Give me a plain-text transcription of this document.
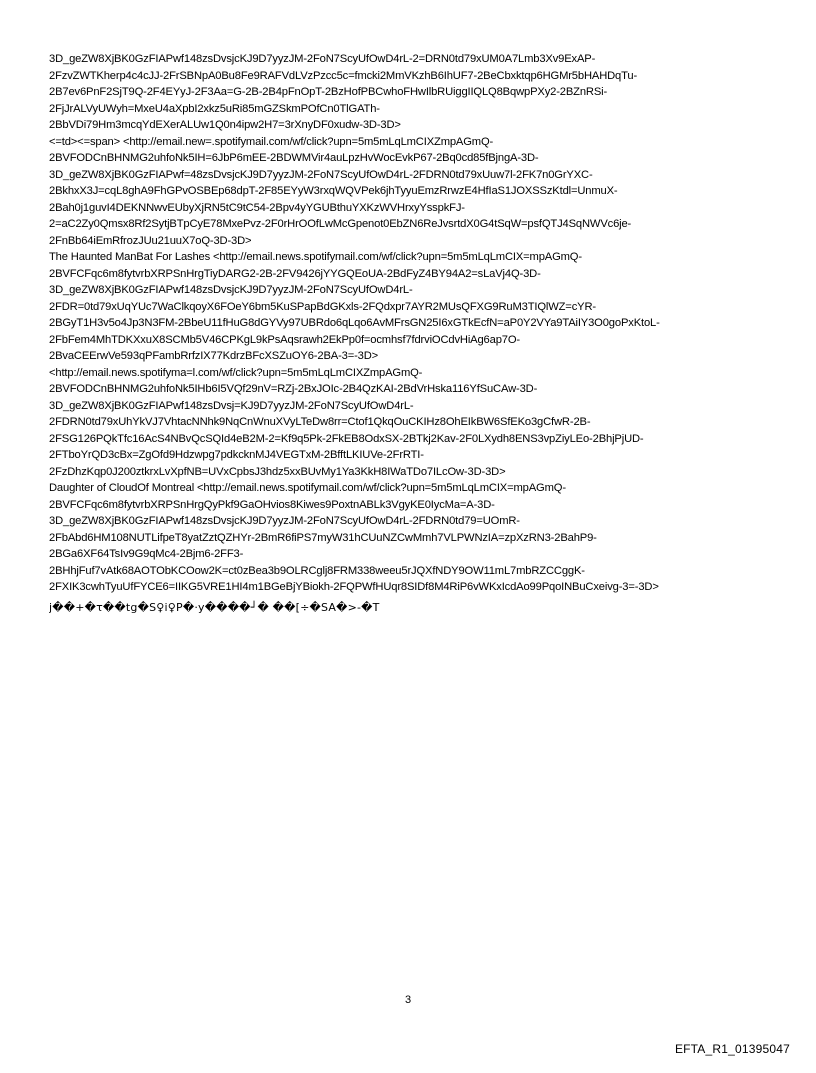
3D_geZW8XjBK0GzFIAPwf148zsDvsjcKJ9D7yyzJM-2FoN7ScyUfOwD4rL-2=DRN0td79xUM0A7Lmb3Xv9ExAP-
2FzvZWTKherp4c4cJJ-2FrSBNpA0Bu8Fe9RAFVdLVzPzcc5c=fmcki2MmVKzhB6IhUF7-2BeCbxktqp6HGMr5bHAHDqTu-
2B7ev6PnF2SjT9Q-2F4EYyJ-2F3Aa=G-2B-2B4pFnOpT-2BzHofPBCwhoFHwIlbRUiggIIQLQ8BqwpPXy2-2BZnRSi-
2FjJrALVyUWyh=MxeU4aXpbI2xkz5uRi85mGZSkmPOfCn0TlGATh-
2BbVDi79Hm3mcqYdEXerALUw1Q0n4ipw2H7=3rXnyDF0xudw-3D-3D>
<=td><=span> <http://email.new=.spotifymail.com/wf/click?upn=5m5mLqLmCIXZmpAGmQ-
2BVFODCnBHNMG2uhfoNk5IH=6JbP6mEE-2BDWMVir4auLpzHvWocEvkP67-2Bq0cd85fBjngA-3D-
3D_geZW8XjBK0GzFIAPwf=48zsDvsjcKJ9D7yyzJM-2FoN7ScyUfOwD4rL-2FDRN0td79xUuw7l-2FK7n0GrYXC-
2BkhxX3J=cqL8ghA9FhGPvOSBEp68dpT-2F85EYyW3rxqWQVPek6jhTyyuEmzRrwzE4HfIaS1JOXSSzKtdl=UnmuX-
2Bah0j1guvI4DEKNNwvEUbyXjRN5tC9tC54-2Bpv4yYGUBthuYXKzWVHrxyYsspkFJ-
2=aC2Zy0Qmsx8Rf2SytjBTpCyE78MxePvz-2F0rHrOOfLwMcGpenot0EbZN6ReJvsrtdX0G4tSqW=psfQTJ4SqNWVc6je-
2FnBb64iEmRfrozJUu21uuX7oQ-3D-3D>
The Haunted ManBat For Lashes <http://email.news.spotifymail.com/wf/click?upn=5m5mLqLmCIX=mpAGmQ-
2BVFCFqc6m8fytvrbXRPSnHrgTiyDARG2-2B-2FV9426jYYGQEoUA-2BdFyZ4BY94A2=sLaVj4Q-3D-
3D_geZW8XjBK0GzFIAPwf148zsDvsjcKJ9D7yyzJM-2FoN7ScyUfOwD4rL-
2FDR=0td79xUqYUc7WaClkqoyX6FOeY6bm5KuSPapBdGKxls-2FQdxpr7AYR2MUsQFXG9RuM3TIQlWZ=cYR-
2BGyT1H3v5o4Jp3N3FM-2BbeU11fHuG8dGYVy97UBRdo6qLqo6AvMFrsGN25I6xGTkEcfN=aP0Y2VYa9TAiIY3O0goPxKtoL-
2FbFem4MhTDKXxuX8SCMb5V46CPKgL9kPsAqsrawh2EkPp0f=ocmhsf7fdrviOCdvHiAg6ap7O-
2BvaCEErwVe593qPFambRrfzIX77KdrzBFcXSZuOY6-2BA-3=-3D>
<http://email.news.spotifyma=l.com/wf/click?upn=5m5mLqLmCIXZmpAGmQ-
2BVFODCnBHNMG2uhfoNk5IHb6I5VQf29nV=RZj-2BxJOIc-2B4QzKAI-2BdVrHska116YfSuCAw-3D-
3D_geZW8XjBK0GzFIAPwf148zsDvsj=KJ9D7yyzJM-2FoN7ScyUfOwD4rL-
2FDRN0td79xUhYkVJ7VhtacNNhk9NqCnWnuXVyLTeDw8rr=Ctof1QkqOuCKIHz8OhEIkBW6SfEKo3gCfwR-2B-
2FSG126PQkTfc16AcS4NBvQcSQId4eB2M-2=Kf9q5Pk-2FkEB8OdxSX-2BTkj2Kav-2F0LXydh8ENS3vpZiyLEo-2BhjPjUD-
2FTboYrQD3cBx=ZgOfd9Hdzwpg7pdkcknMJ4VEGTxM-2BfftLKIUVe-2FrRTI-
2FzDhzKqp0J200ztkrxLvXpfNB=UVxCpbsJ3hdz5xxBUvMy1Ya3KkH8IWaTDo7ILcOw-3D-3D>
Daughter of CloudOf Montreal <http://email.news.spotifymail.com/wf/click?upn=5m5mLqLmCIX=mpAGmQ-
2BVFCFqc6m8fytvrbXRPSnHrgQyPkf9GaOHvios8Kiwes9PoxtnABLk3VgyKE0IycMa=A-3D-
3D_geZW8XjBK0GzFIAPwf148zsDvsjcKJ9D7yyzJM-2FoN7ScyUfOwD4rL-2FDRN0td79=UOmR-
2FbAbd6HM108NUTLifpeT8yatZztQZHYr-2BmR6fiPS7myW31hCUuNZCwMmh7VLPWNzIA=zpXzRN3-2BahP9-
2BGa6XF64TsIv9G9qMc4-2Bjm6-2FF3-
2BHhjFuf7vAtk68AOTObKCOow2K=ct0zBea3b9OLRCglj8FRM338weeu5rJQXfNDY9OW11mL7mbRZCCggK-
2FXIK3cwhTyuUfFYCE6=IIKG5VRE1HI4m1BGeBjYBiokh-2FQPWfHUqr8SIDf8M4RiP6vWKxIcdAo99PqoINBuCxeivg-3=-3D>
j��+�τ��tg�S♀i♀P�·y����┘� ��[÷�SA�>-�T
3
EFTA_R1_01395047
